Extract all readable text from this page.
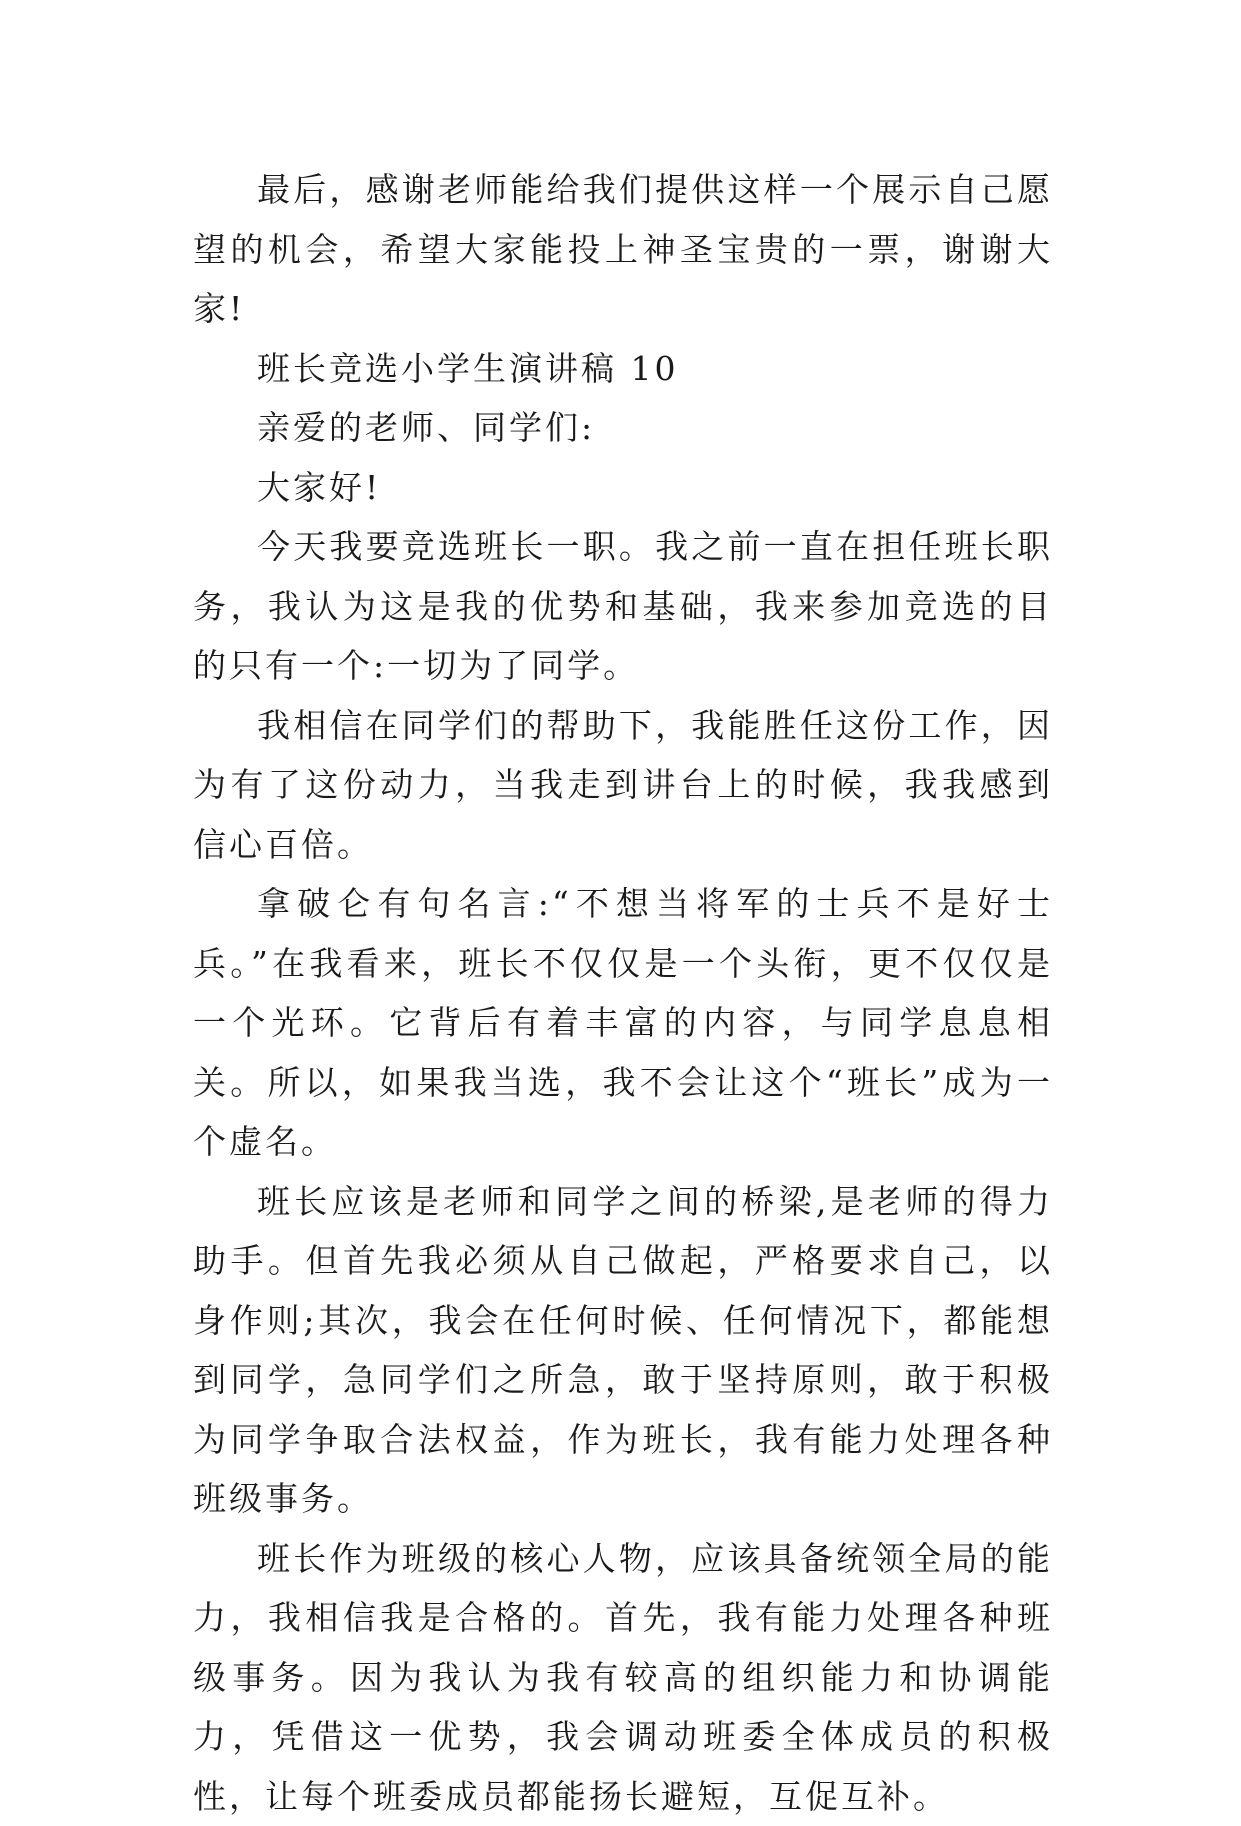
最后，感谢老师能给我们提供这样一个展示自己愿望的机会，希望大家能投上神圣宝贵的一票，谢谢大家!

班长竞选小学生演讲稿 10

亲爱的老师、同学们:

大家好!

今天我要竞选班长一职。我之前一直在担任班长职务，我认为这是我的优势和基础，我来参加竞选的目的只有一个:一切为了同学。

我相信在同学们的帮助下，我能胜任这份工作，因为有了这份动力，当我走到讲台上的时候，我我感到信心百倍。

拿破仑有句名言:“不想当将军的士兵不是好士兵。”在我看来，班长不仅仅是一个头衔，更不仅仅是一个光环。它背后有着丰富的内容，与同学息息相关。所以，如果我当选，我不会让这个“班长”成为一个虚名。

班长应该是老师和同学之间的桥梁,是老师的得力助手。但首先我必须从自己做起，严格要求自己，以身作则;其次，我会在任何时候、任何情况下，都能想到同学，急同学们之所急，敢于坚持原则，敢于积极为同学争取合法权益，作为班长，我有能力处理各种班级事务。

班长作为班级的核心人物，应该具备统领全局的能力，我相信我是合格的。首先，我有能力处理各种班级事务。因为我认为我有较高的组织能力和协调能力，凭借这一优势，我会调动班委全体成员的积极性，让每个班委成员都能扬长避短，互促互补。
